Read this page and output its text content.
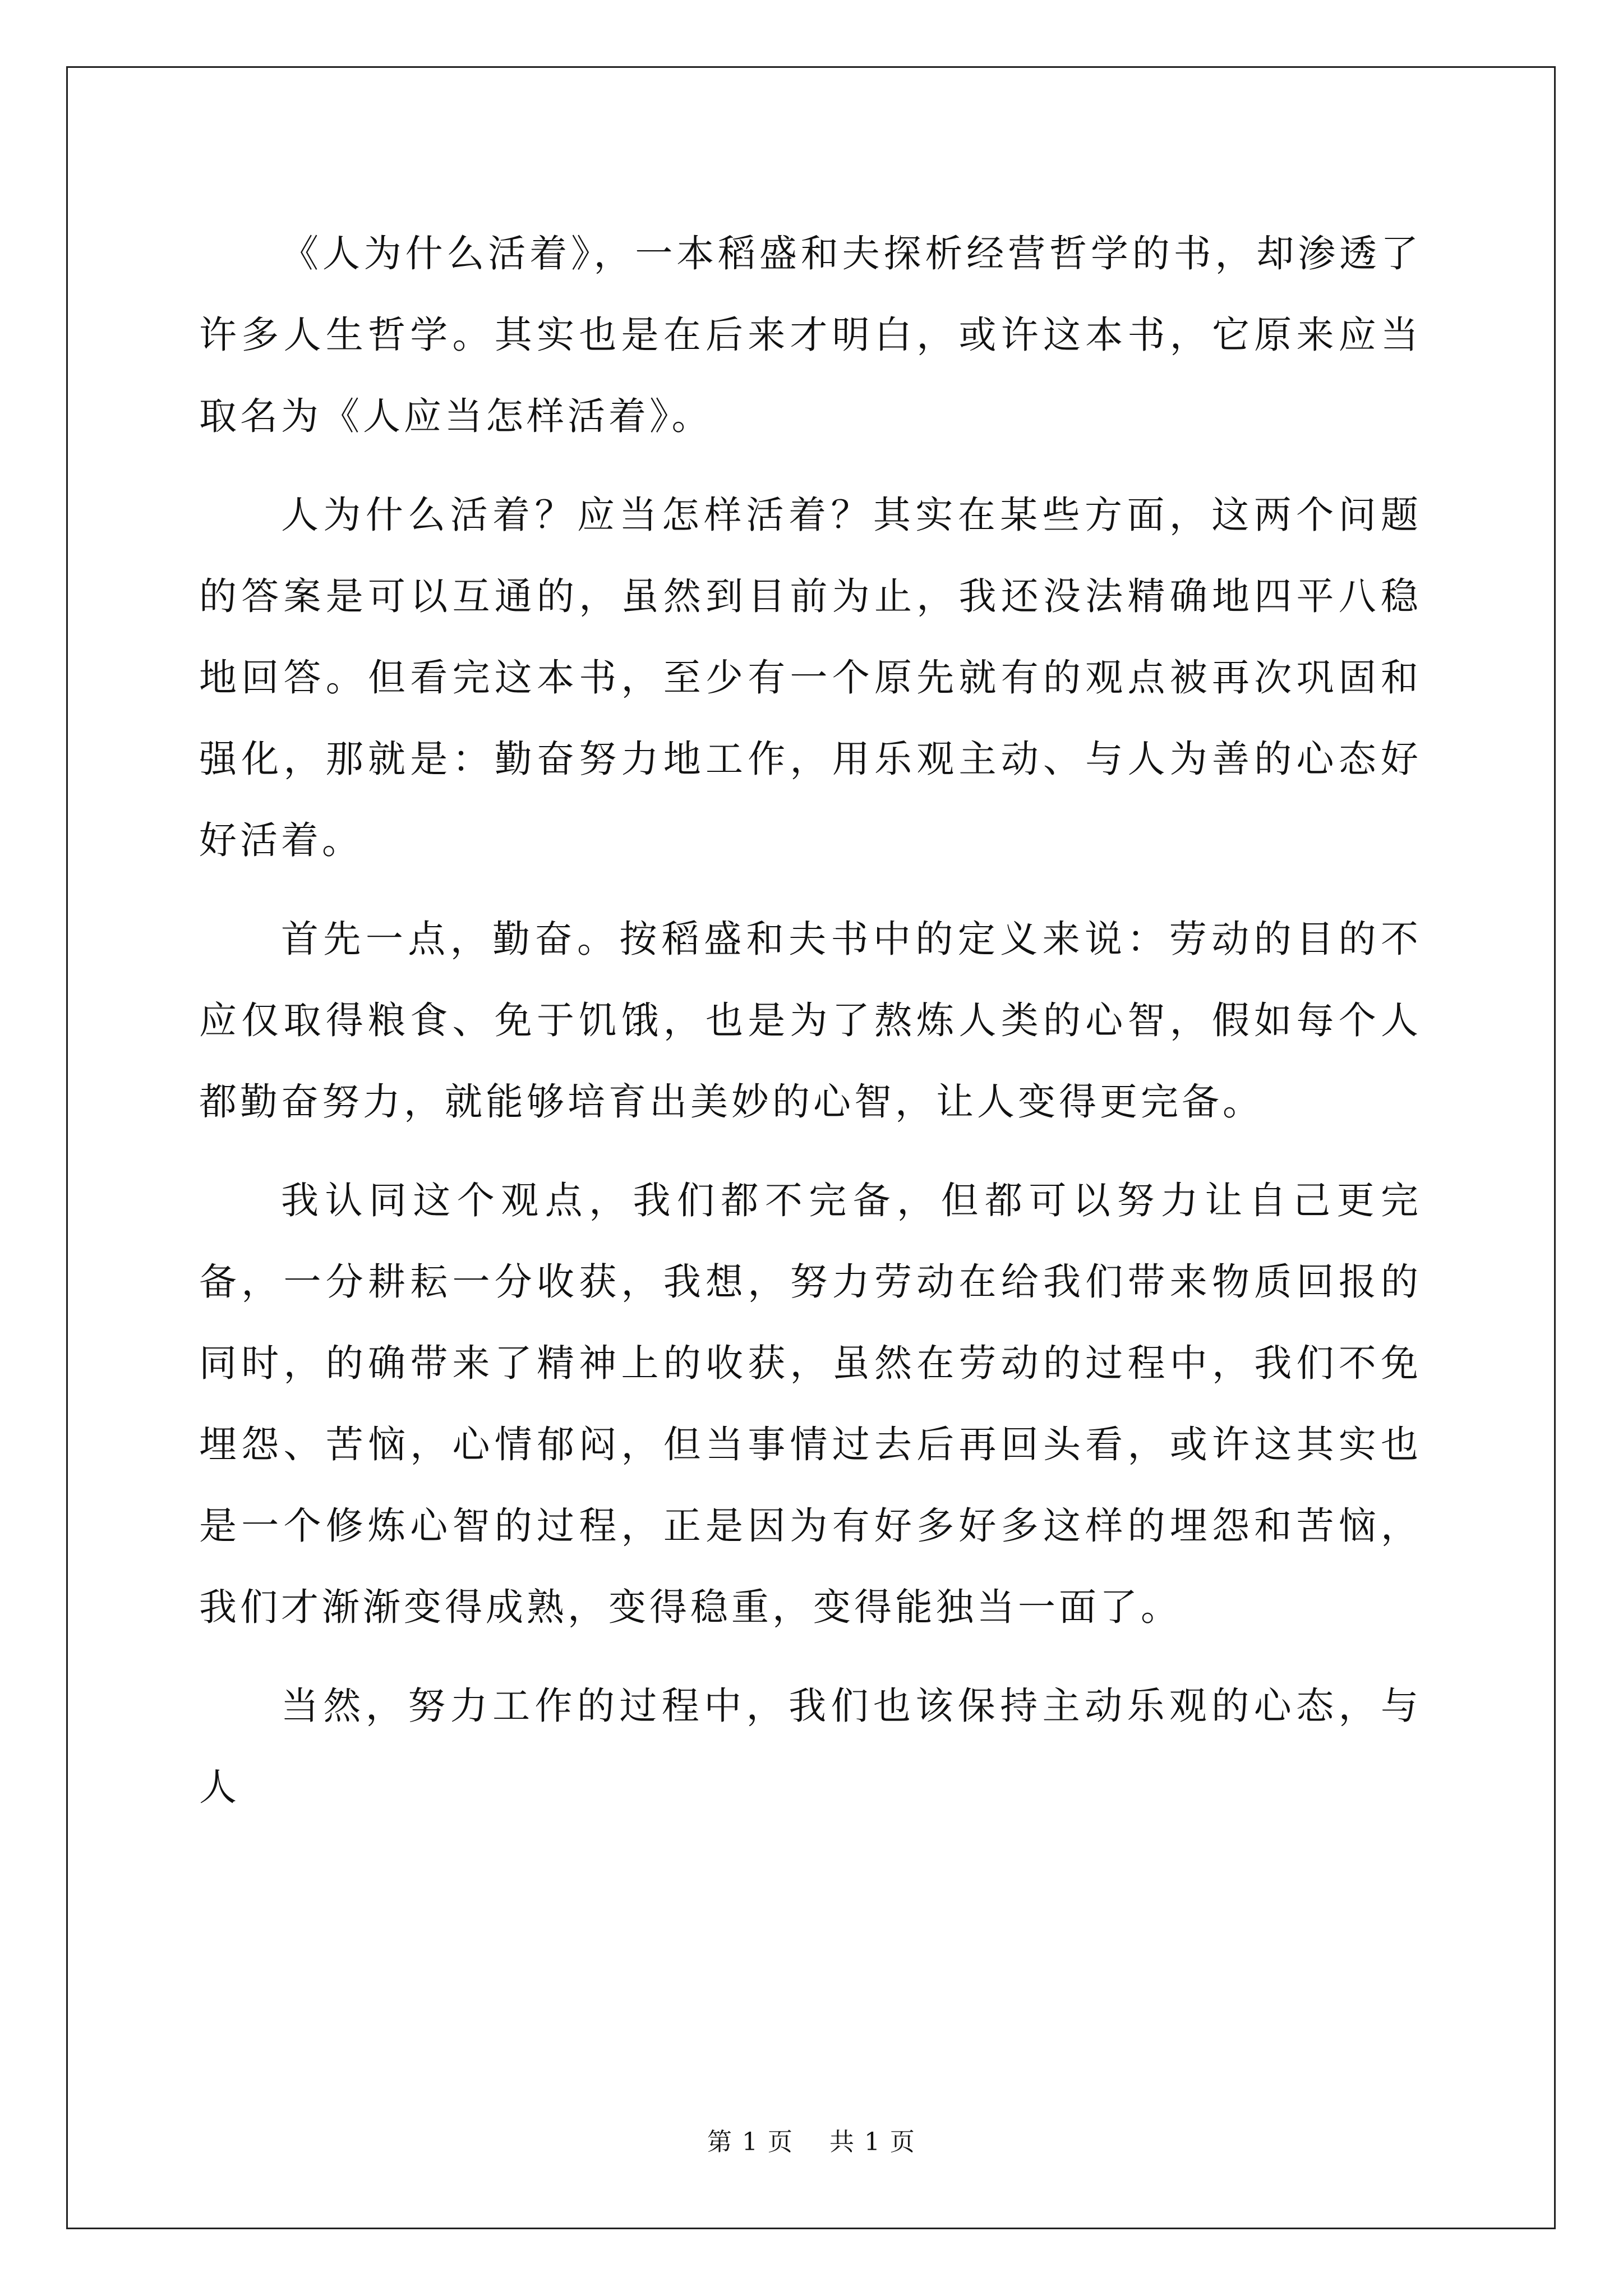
《人为什么活着》，一本稻盛和夫探析经营哲学的书，却渗透了许多人生哲学。其实也是在后来才明白，或许这本书，它原来应当取名为《人应当怎样活着》。

人为什么活着？应当怎样活着？其实在某些方面，这两个问题的答案是可以互通的，虽然到目前为止，我还没法精确地四平八稳地回答。但看完这本书，至少有一个原先就有的观点被再次巩固和强化，那就是：勤奋努力地工作，用乐观主动、与人为善的心态好好活着。

首先一点，勤奋。按稻盛和夫书中的定义来说：劳动的目的不应仅取得粮食、免于饥饿，也是为了熬炼人类的心智，假如每个人都勤奋努力，就能够培育出美妙的心智，让人变得更完备。

我认同这个观点，我们都不完备，但都可以努力让自己更完备，一分耕耘一分收获，我想，努力劳动在给我们带来物质回报的同时，的确带来了精神上的收获，虽然在劳动的过程中，我们不免埋怨、苦恼，心情郁闷，但当事情过去后再回头看，或许这其实也是一个修炼心智的过程，正是因为有好多好多这样的埋怨和苦恼，我们才渐渐变得成熟，变得稳重，变得能独当一面了。

当然，努力工作的过程中，我们也该保持主动乐观的心态，与人

第 1 页 共 1 页
